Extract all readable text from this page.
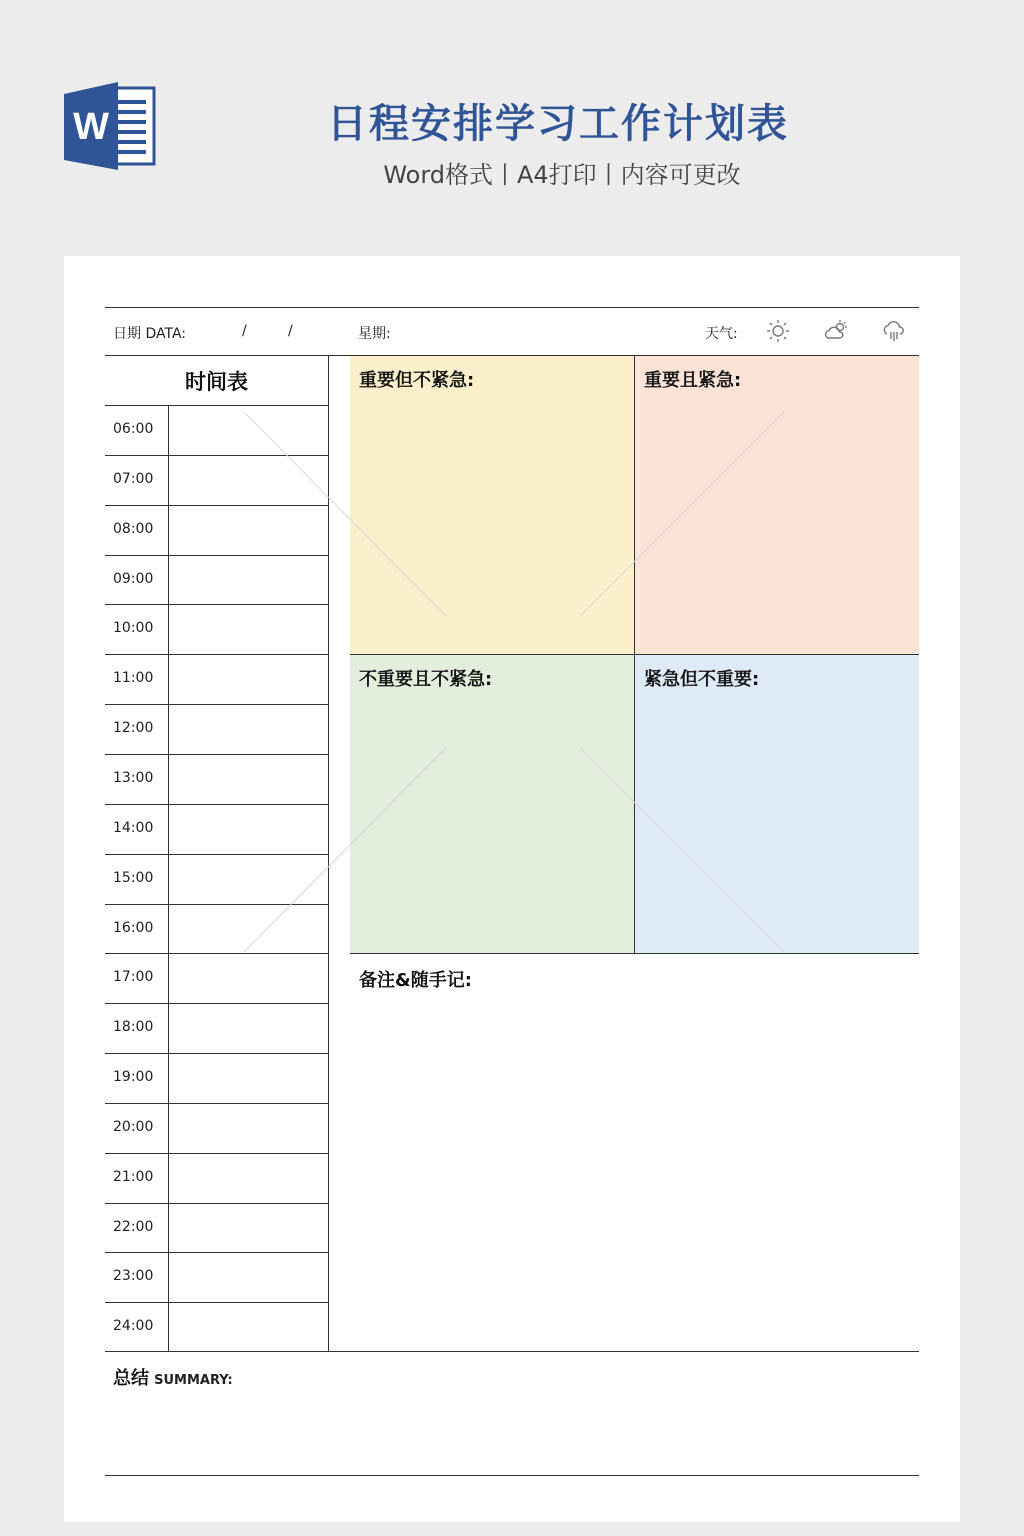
W	日程安排学习工作计划表
Word格式丨A4打印丨内容可更改
日期 DATA:	/	/	星期:	天气:
时间表
06:00
07:00
08:00
09:00
10:00
11:00
12:00
13:00
14:00
15:00
16:00
17:00
18:00
19:00
20:00
21:00
22:00
23:00
24:00
重要但不紧急:	重要且紧急:
不重要且不紧急:	紧急但不重要:
备注&随手记:
总结 SUMMARY:
